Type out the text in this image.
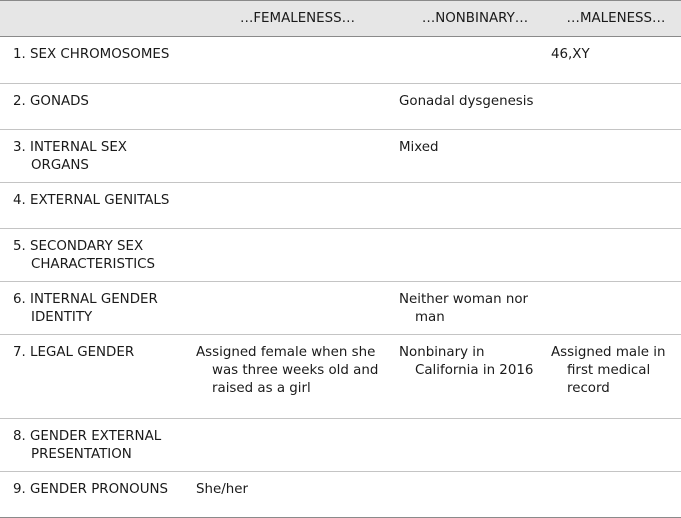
	…FEMALENESS…	…NONBINARY…	…MALENESS…

1. SEX CHROMOSOMES			46,XY

2. GONADS		Gonadal dysgenesis	

3. INTERNAL SEX ORGANS		Mixed	

4. EXTERNAL GENITALS			

5. SECONDARY SEX CHARACTERISTICS			

6. INTERNAL GENDER IDENTITY		Neither woman nor man	

7. LEGAL GENDER	Assigned female when she was three weeks old and raised as a girl	Nonbinary in California in 2016	Assigned male in first medical record

8. GENDER EXTERNAL PRESENTATION			

9. GENDER PRONOUNS	She/her		
